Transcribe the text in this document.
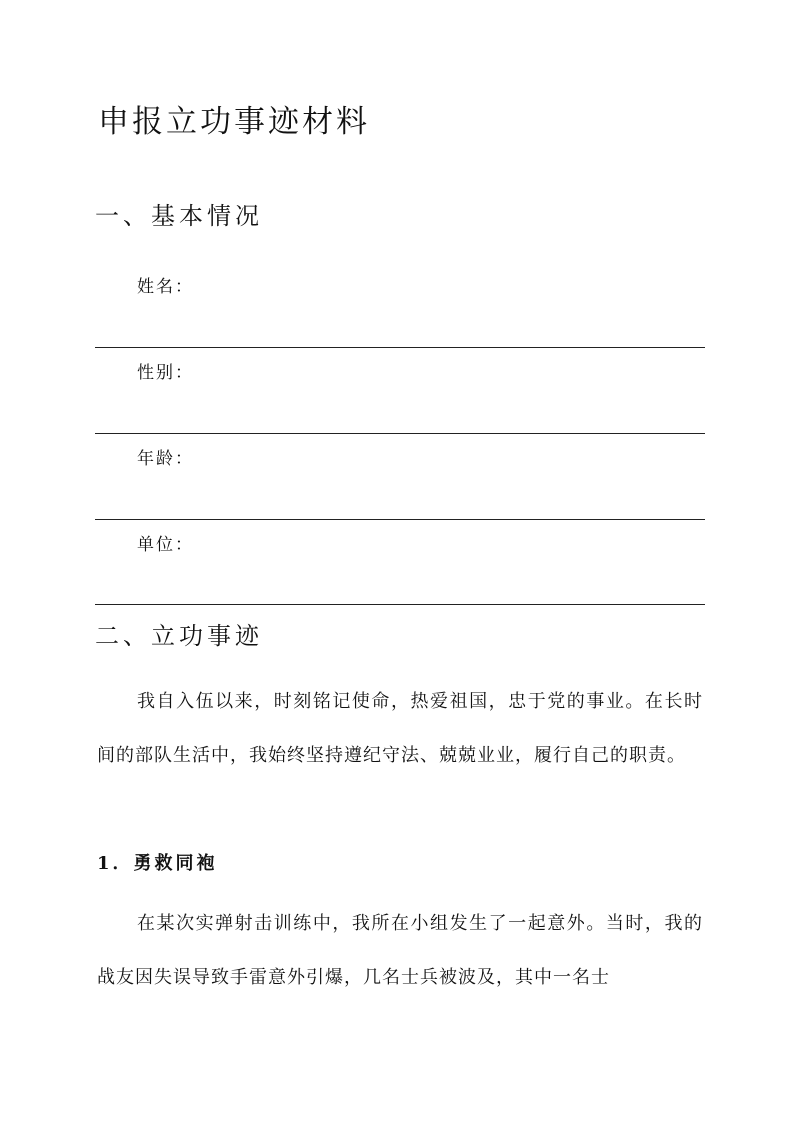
申报立功事迹材料
一、基本情况
姓名：
性别：
年龄：
单位：
二、立功事迹

我自入伍以来，时刻铭记使命，热爱祖国，忠于党的事业。在长时间的部队生活中，我始终坚持遵纪守法、兢兢业业，履行自己的职责。

1．勇救同袍

在某次实弹射击训练中，我所在小组发生了一起意外。当时，我的战友因失误导致手雷意外引爆，几名士兵被波及，其中一名士
